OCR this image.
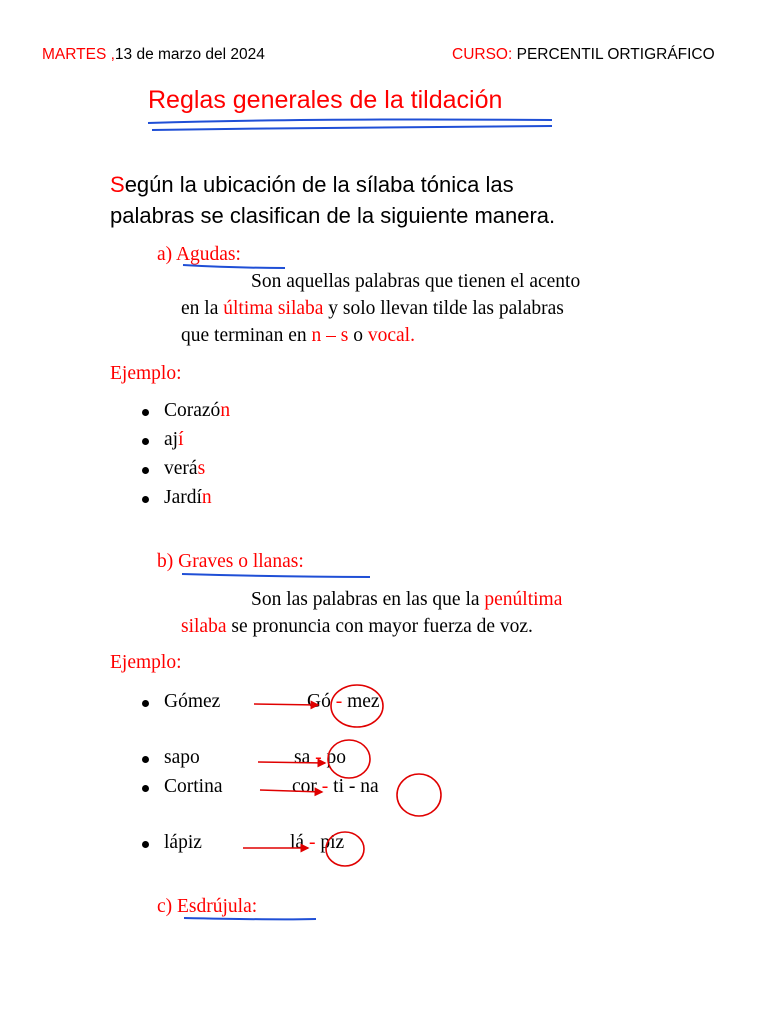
MARTES ,13 de marzo del 2024	CURSO: PERCENTIL ORTIGRÁFICO
Reglas generales de la tildación
Según la ubicación de la sílaba tónica las
palabras se clasifican de la siguiente manera.
a) Agudas:
Son aquellas palabras que tienen el acento
en la última silaba y solo llevan tilde las palabras
que terminan en n – s o vocal.
Ejemplo:
Corazón
ají
verás
Jardín
b) Graves o llanas:
Son las palabras en las que la penúltima
silaba se pronuncia con mayor fuerza de voz.
Ejemplo:
Gómez	Gó - mez
sapo	sa - po
Cortina	cor - ti - na
lápiz	lá - piz
c) Esdrújula:
